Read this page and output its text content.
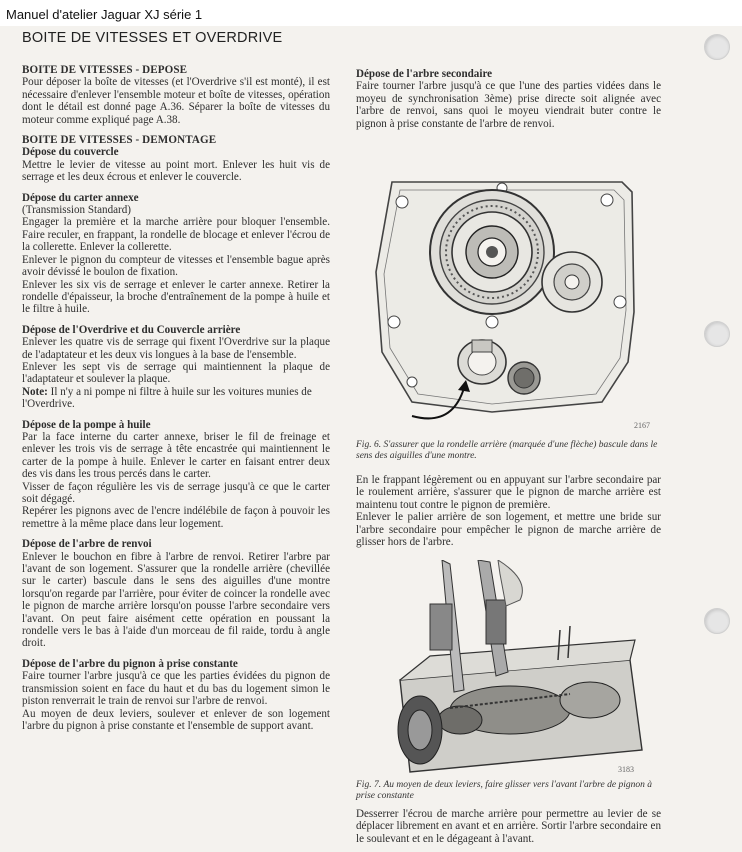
Manuel d'atelier Jaguar XJ série 1
BOITE DE VITESSES ET OVERDRIVE
BOITE DE VITESSES - DEPOSE

Pour déposer la boîte de vitesses (et l'Overdrive s'il est monté), il est nécessaire d'enlever l'ensemble moteur et boîte de vitesses, opération dont le détail est donné page A.36. Séparer la boîte de vitesses du moteur comme expliqué page A.38.

BOITE DE VITESSES - DEMONTAGE
Dépose du couvercle

Mettre le levier de vitesse au point mort. Enlever les huit vis de serrage et les deux écrous et enlever le couvercle.

Dépose du carter annexe

(Transmission Standard)
Engager la première et la marche arrière pour bloquer l'ensemble. Faire reculer, en frappant, la rondelle de blocage et enlever l'écrou de la collerette. Enlever la collerette.
Enlever le pignon du compteur de vitesses et l'ensemble bague après avoir dévissé le boulon de fixation.
Enlever les six vis de serrage et enlever le carter annexe. Retirer la rondelle d'épaisseur, la broche d'entraînement de la pompe à huile et le filtre à huile.

Dépose de l'Overdrive et du Couvercle arrière

Enlever les quatre vis de serrage qui fixent l'Overdrive sur la plaque de l'adaptateur et les deux vis longues à la base de l'ensemble.
Enlever les sept vis de serrage qui maintiennent la plaque de l'adaptateur et soulever la plaque.

Note: Il n'y a ni pompe ni filtre à huile sur les voitures munies de l'Overdrive.

Dépose de la pompe à huile

Par la face interne du carter annexe, briser le fil de freinage et enlever les trois vis de serrage à tête encastrée qui maintiennent le carter de la pompe à huile. Enlever le carter en faisant entrer deux des vis dans les trous percés dans le carter.
Visser de façon régulière les vis de serrage jusqu'à ce que le carter soit dégagé.
Repérer les pignons avec de l'encre indélébile de façon à pouvoir les remettre à la même place dans leur logement.

Dépose de l'arbre de renvoi

Enlever le bouchon en fibre à l'arbre de renvoi. Retirer l'arbre par l'avant de son logement. S'assurer que la rondelle arrière (chevillée sur le carter) bascule dans le sens des aiguilles d'une montre lorsqu'on regarde par l'arrière, pour éviter de coincer la rondelle avec le pignon de marche arrière lorsqu'on pousse l'arbre secondaire vers l'avant. On peut faire aisément cette opération en poussant la rondelle vers le bas à l'aide d'un morceau de fil raide, tordu à angle droit.

Dépose de l'arbre du pignon à prise constante

Faire tourner l'arbre jusqu'à ce que les parties évidées du pignon de transmission soient en face du haut et du bas du logement simon le piston renverrait le train de renvoi sur l'arbre de renvoi.
Au moyen de deux leviers, soulever et enlever de son logement l'arbre du pignon à prise constante et l'ensemble de support avant.

Dépose de l'arbre secondaire

Faire tourner l'arbre jusqu'à ce que l'une des parties vidées dans le moyeu de synchronisation 3ème) prise directe soit alignée avec l'arbre de renvoi, sans quoi le moyeu viendrait buter contre le pignon à prise constante de l'arbre de renvoi.

2167
Fig. 6. S'assurer que la rondelle arrière (marquée d'une flèche) bascule dans le sens des aiguilles d'une montre.

En le frappant légèrement ou en appuyant sur l'arbre secondaire par le roulement arrière, s'assurer que le pignon de marche arrière est maintenu tout contre le pignon de première.
Enlever le palier arrière de son logement, et mettre une bride sur l'arbre secondaire pour empêcher le pignon de marche arrière de glisser hors de l'arbre.

3183
Fig. 7. Au moyen de deux leviers, faire glisser vers l'avant l'arbre de pignon à prise constante

Desserrer l'écrou de marche arrière pour permettre au levier de se déplacer librement en avant et en arrière. Sortir l'arbre secondaire en le soulevant et en le dégageant à l'avant.
